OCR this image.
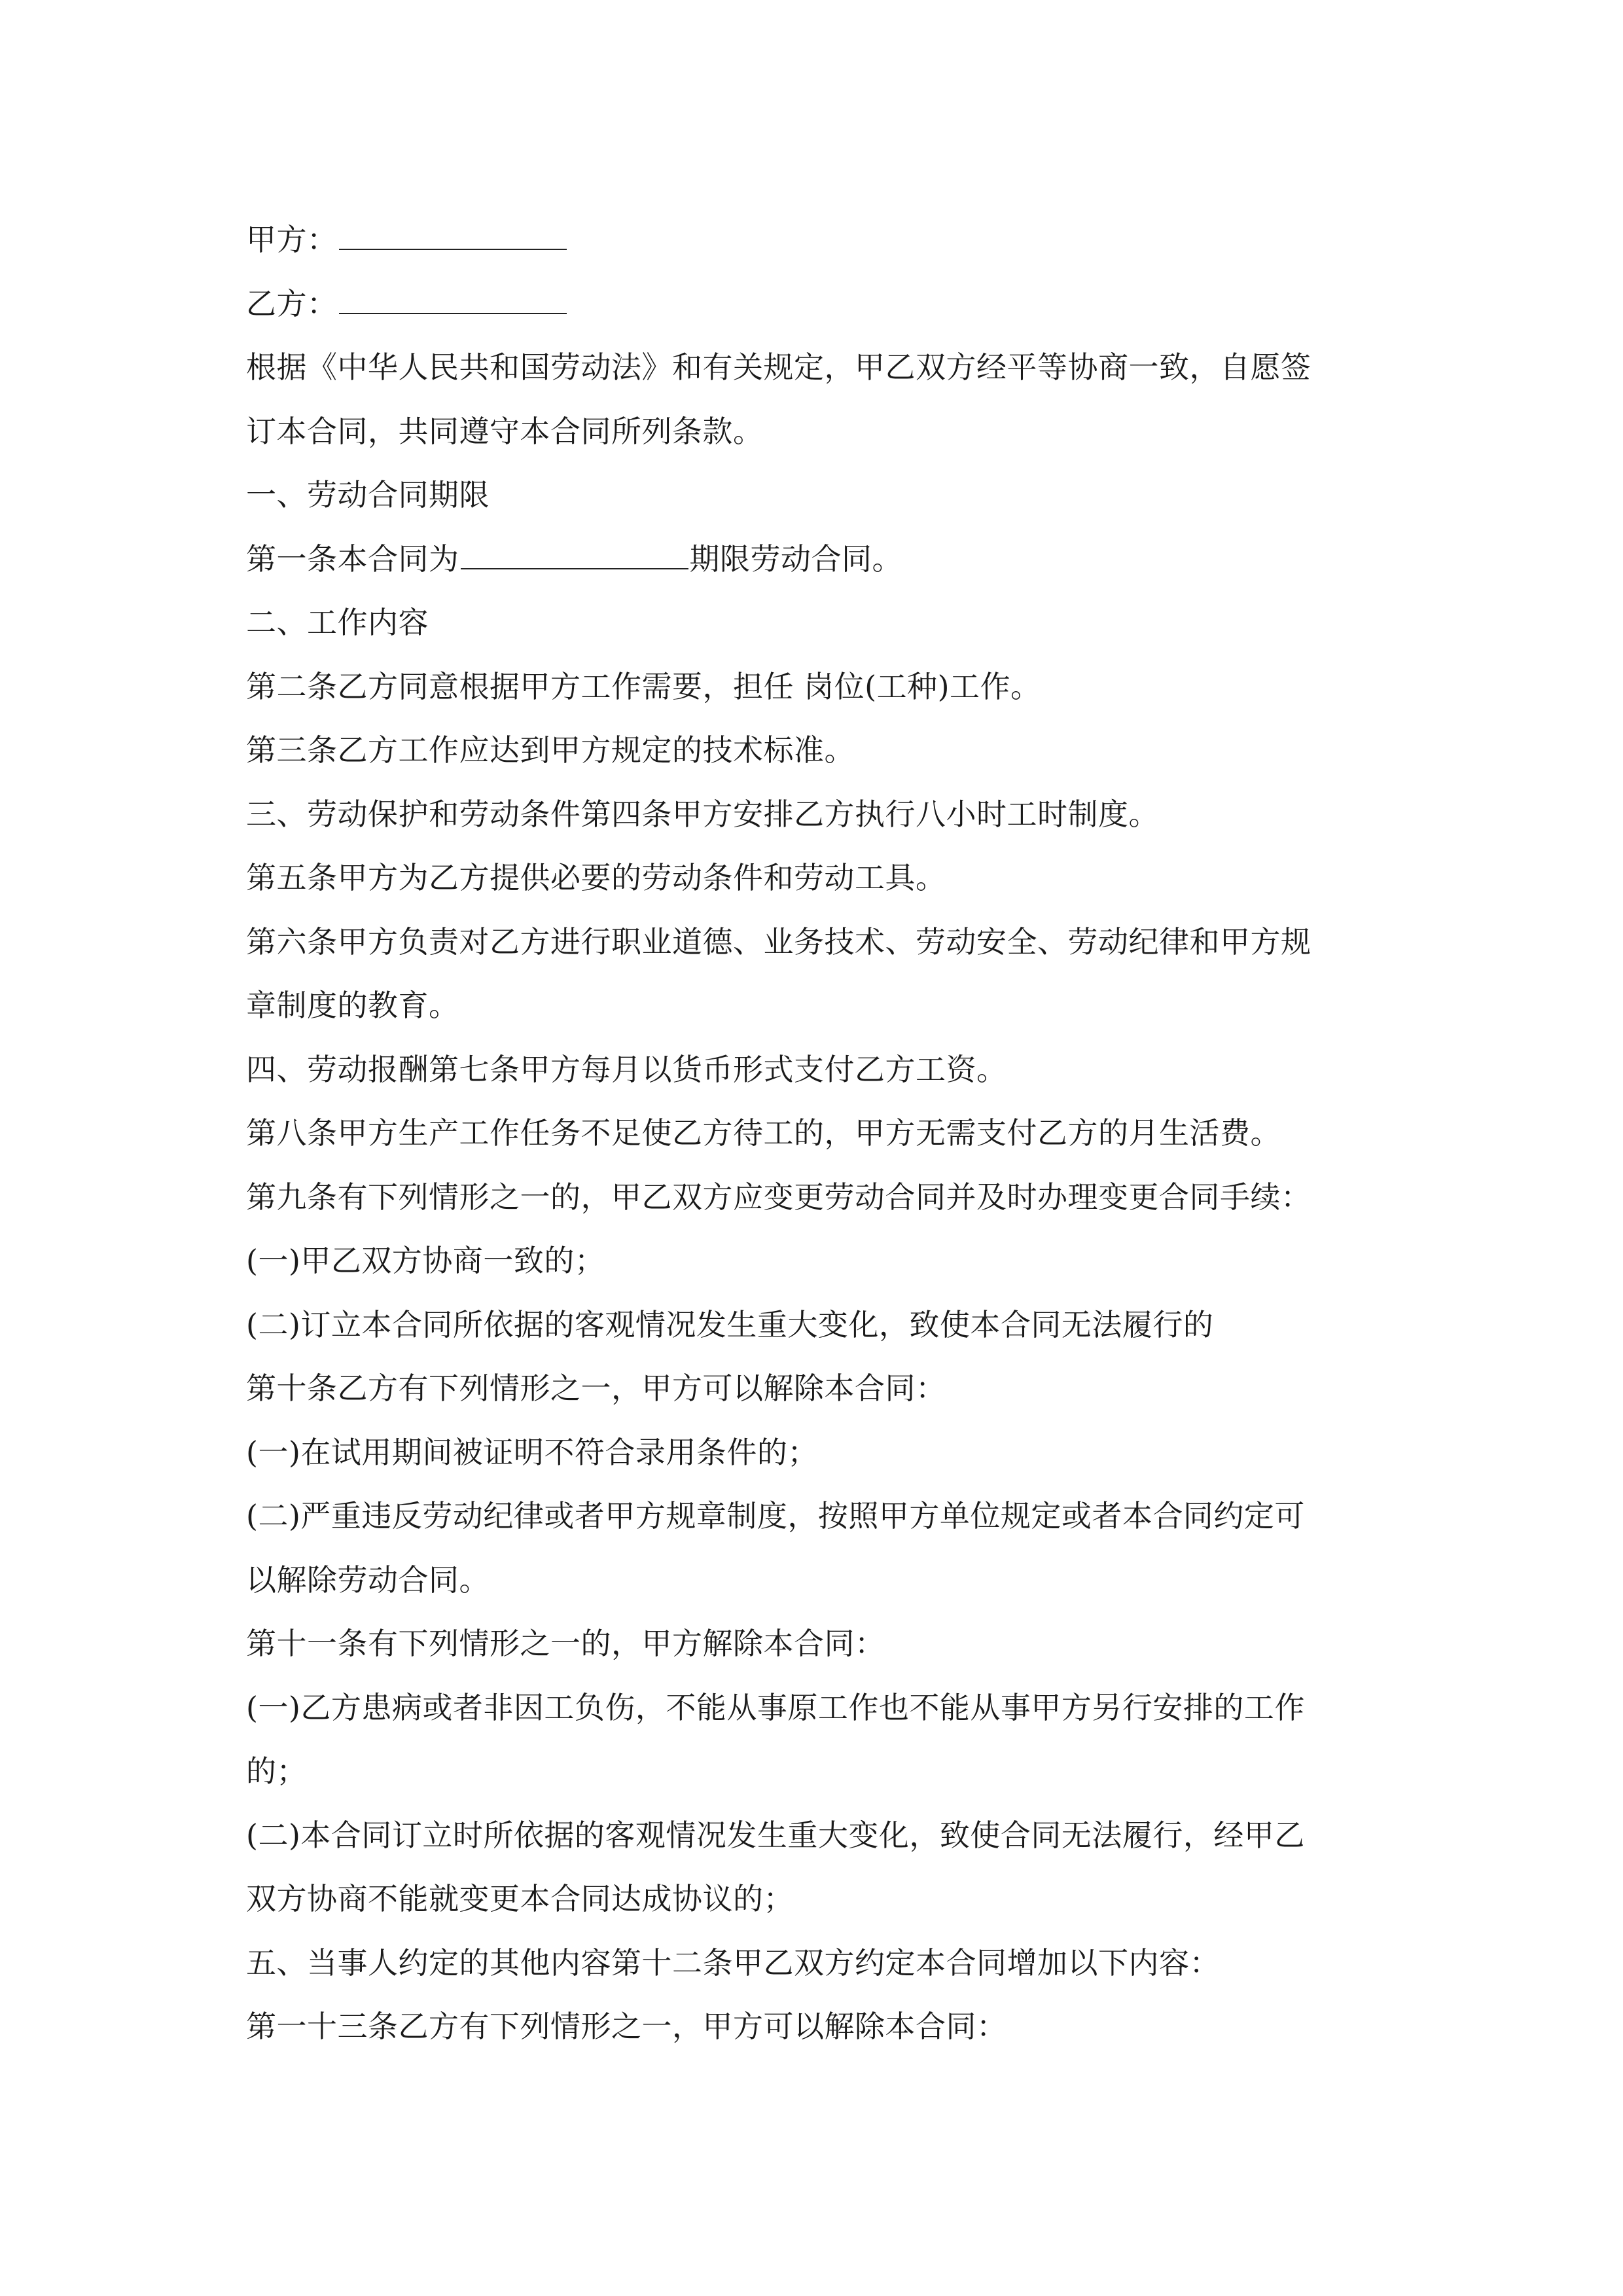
甲方：
乙方：
根据《中华人民共和国劳动法》和有关规定，甲乙双方经平等协商一致，自愿签
订本合同，共同遵守本合同所列条款。
一、劳动合同期限
第一条本合同为	期限劳动合同。
二、工作内容
第二条乙方同意根据甲方工作需要，担任 岗位(工种)工作。
第三条乙方工作应达到甲方规定的技术标准。
三、劳动保护和劳动条件第四条甲方安排乙方执行八小时工时制度。
第五条甲方为乙方提供必要的劳动条件和劳动工具。
第六条甲方负责对乙方进行职业道德、业务技术、劳动安全、劳动纪律和甲方规
章制度的教育。
四、劳动报酬第七条甲方每月以货币形式支付乙方工资。
第八条甲方生产工作任务不足使乙方待工的，甲方无需支付乙方的月生活费。
第九条有下列情形之一的，甲乙双方应变更劳动合同并及时办理变更合同手续：
(一)甲乙双方协商一致的；
(二)订立本合同所依据的客观情况发生重大变化，致使本合同无法履行的
第十条乙方有下列情形之一，甲方可以解除本合同：
(一)在试用期间被证明不符合录用条件的；
(二)严重违反劳动纪律或者甲方规章制度，按照甲方单位规定或者本合同约定可
以解除劳动合同。
第十一条有下列情形之一的，甲方解除本合同：
(一)乙方患病或者非因工负伤，不能从事原工作也不能从事甲方另行安排的工作
的；
(二)本合同订立时所依据的客观情况发生重大变化，致使合同无法履行，经甲乙
双方协商不能就变更本合同达成协议的；
五、当事人约定的其他内容第十二条甲乙双方约定本合同增加以下内容：
第一十三条乙方有下列情形之一，甲方可以解除本合同：
